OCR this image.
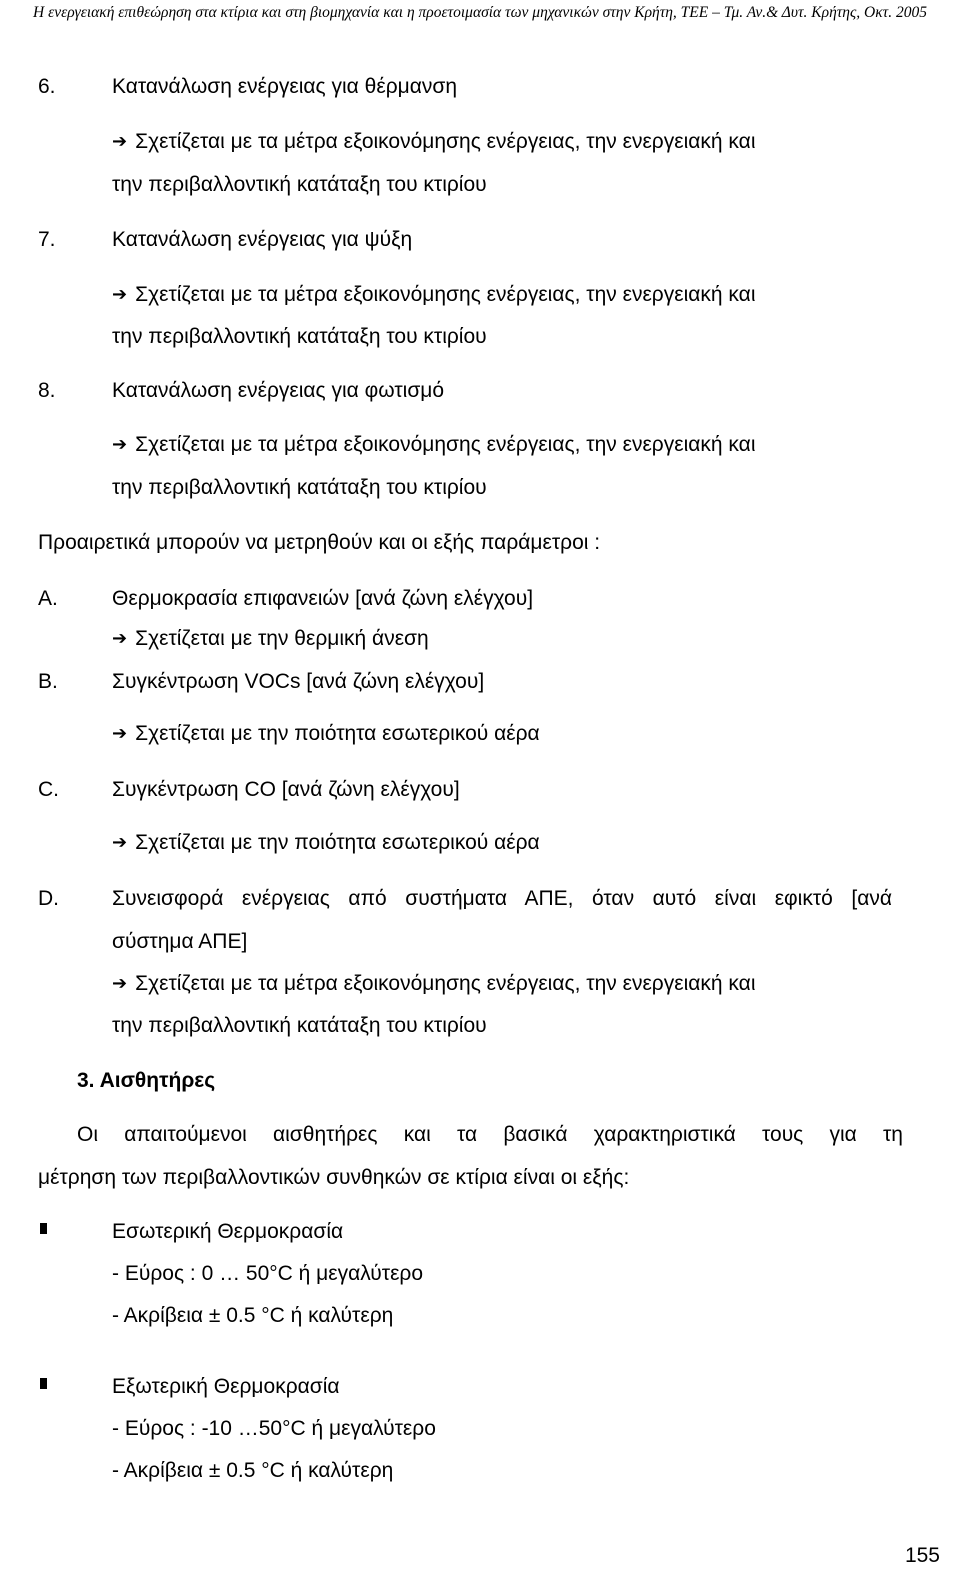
Η ενεργειακή επιθεώρηση στα κτίρια και στη βιομηχανία και η προετοιμασία των μηχανικών στην Κρήτη, ΤΕΕ – Τμ. Αν.& Δυτ. Κρήτης, Οκτ. 2005
6.	Κατανάλωση ενέργειας για θέρμανση
➔ Σχετίζεται με τα μέτρα εξοικονόμησης ενέργειας, την ενεργειακή και
την περιβαλλοντική κατάταξη του κτιρίου
7.	Κατανάλωση ενέργειας για ψύξη
➔ Σχετίζεται με τα μέτρα εξοικονόμησης ενέργειας, την ενεργειακή και
την περιβαλλοντική κατάταξη του κτιρίου
8.	Κατανάλωση ενέργειας για φωτισμό
➔ Σχετίζεται με τα μέτρα εξοικονόμησης ενέργειας, την ενεργειακή και
την περιβαλλοντική κατάταξη του κτιρίου
Προαιρετικά μπορούν να μετρηθούν και οι εξής παράμετροι :
A.	Θερμοκρασία επιφανειών [ανά ζώνη ελέγχου]
➔ Σχετίζεται με την θερμική άνεση
B.	Συγκέντρωση VOCs [ανά ζώνη ελέγχου]
➔ Σχετίζεται με την ποιότητα εσωτερικού αέρα
C.	Συγκέντρωση CO [ανά ζώνη ελέγχου]
➔ Σχετίζεται με την ποιότητα εσωτερικού αέρα
D.	Συνεισφορά ενέργειας από συστήματα ΑΠΕ, όταν αυτό είναι εφικτό [ανά
σύστημα ΑΠΕ]
➔ Σχετίζεται με τα μέτρα εξοικονόμησης ενέργειας, την ενεργειακή και
την περιβαλλοντική κατάταξη του κτιρίου
3. Αισθητήρες
Οι απαιτούμενοι αισθητήρες και τα βασικά χαρακτηριστικά τους για τη
μέτρηση των περιβαλλοντικών συνθηκών σε κτίρια είναι οι εξής:
Εσωτερική Θερμοκρασία
- Εύρος : 0 … 50°C ή μεγαλύτερο
- Ακρίβεια ± 0.5 °C ή καλύτερη
Εξωτερική Θερμοκρασία
- Εύρος : -10 …50°C ή μεγαλύτερο
- Ακρίβεια ± 0.5 °C ή καλύτερη
155
